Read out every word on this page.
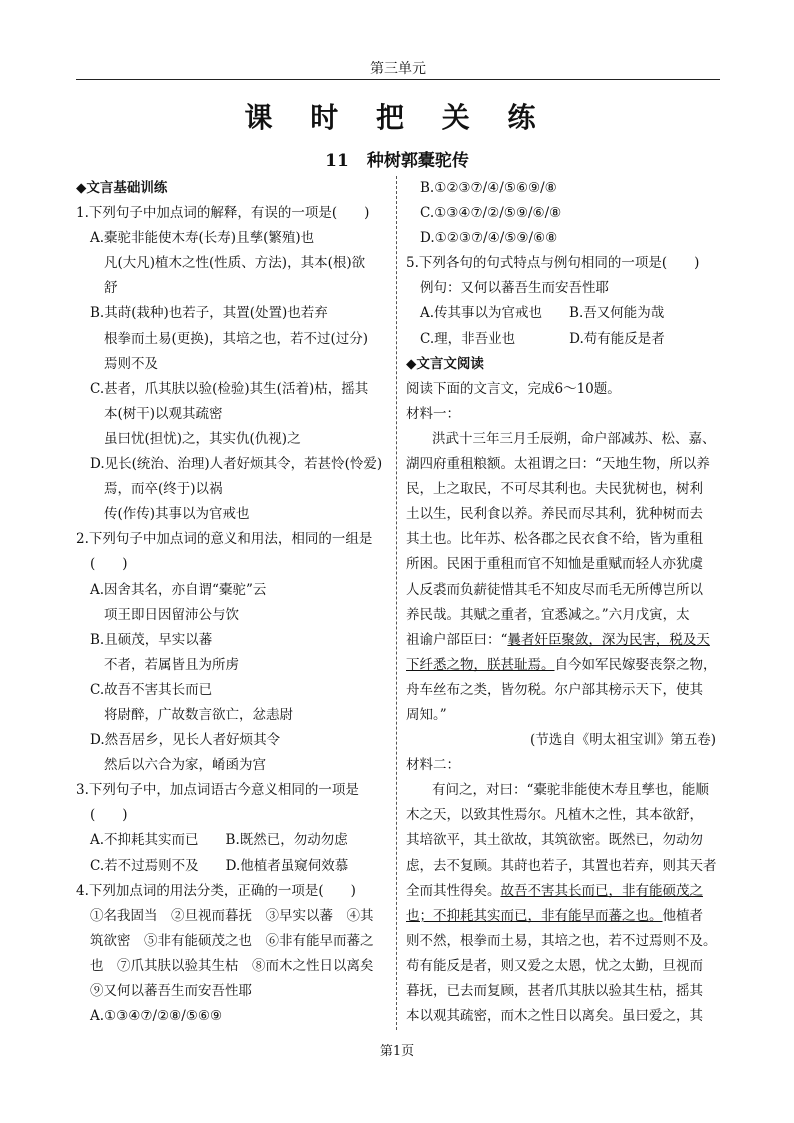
第三单元
课 时 把 关 练
11 种树郭橐驼传
◆文言基础训练
1.下列句子中加点词的解释，有误的一项是(　　)
A.橐驼非能使木寿(长寿)且孳(繁殖)也
凡(大凡)植木之性(性质、方法)，其本(根)欲
舒
B.其莳(栽种)也若子，其置(处置)也若弃
根拳而土易(更换)，其培之也，若不过(过分)
焉则不及
C.甚者，爪其肤以验(检验)其生(活着)枯，摇其
本(树干)以观其疏密
虽曰忧(担忧)之，其实仇(仇视)之
D.见长(统治、治理)人者好烦其令，若甚怜(怜爱)
焉，而卒(终于)以祸
传(作传)其事以为官戒也
2.下列句子中加点词的意义和用法，相同的一组是
(　　)
A.因舍其名，亦自谓“橐驼”云
项王即日因留沛公与饮
B.且硕茂，早实以蕃
不者，若属皆且为所虏
C.故吾不害其长而已
将尉醉，广故数言欲亡，忿恚尉
D.然吾居乡，见长人者好烦其令
然后以六合为家，崤函为宫
3.下列句子中，加点词语古今意义相同的一项是
(　　)
A.不抑耗其实而已　　B.既然已，勿动勿虑
C.若不过焉则不及　　D.他植者虽窥伺效慕
4.下列加点词的用法分类，正确的一项是(　　)
①名我固当　②旦视而暮抚　③早实以蕃　④其
筑欲密　⑤非有能硕茂之也　⑥非有能早而蕃之
也　⑦爪其肤以验其生枯　⑧而木之性日以离矣
⑨又何以蕃吾生而安吾性耶
A.①③④⑦/②⑧/⑤⑥⑨
B.①②③⑦/④/⑤⑥⑨/⑧
C.①③④⑦/②/⑤⑨/⑥/⑧
D.①②③⑦/④/⑤⑨/⑥⑧
5.下列各句的句式特点与例句相同的一项是(　　)
例句：又何以蕃吾生而安吾性耶
A.传其事以为官戒也　　B.吾又何能为哉
C.理，非吾业也　　　　D.苟有能反是者
◆文言文阅读
阅读下面的文言文，完成6～10题。
材料一：
洪武十三年三月壬辰朔，命户部减苏、松、嘉、
湖四府重租粮额。太祖谓之曰：“天地生物，所以养
民，上之取民，不可尽其利也。夫民犹树也，树利
土以生，民利食以养。养民而尽其利，犹种树而去
其土也。比年苏、松各郡之民衣食不给，皆为重租
所困。民困于重租而官不知恤是重赋而轻人亦犹虞
人反裘而负薪徒惜其毛不知皮尽而毛无所傅岂所以
养民哉。其赋之重者，宜悉减之。”六月戊寅，太
祖谕户部臣曰：“曩者奸臣聚敛，深为民害，税及天
下纤悉之物，朕甚耻焉。自今如军民嫁娶丧祭之物，
舟车丝布之类，皆勿税。尔户部其榜示天下，使其
周知。”
(节选自《明太祖宝训》第五卷)
材料二：
有问之，对曰：“橐驼非能使木寿且孳也，能顺
木之天，以致其性焉尔。凡植木之性，其本欲舒，
其培欲平，其土欲故，其筑欲密。既然已，勿动勿
虑，去不复顾。其莳也若子，其置也若弃，则其天者
全而其性得矣。故吾不害其长而已，非有能硕茂之
也；不抑耗其实而已，非有能早而蕃之也。他植者
则不然，根拳而土易，其培之也，若不过焉则不及。
苟有能反是者，则又爱之太恩，忧之太勤，旦视而
暮抚，已去而复顾，甚者爪其肤以验其生枯，摇其
本以观其疏密，而木之性日以离矣。虽曰爱之，其
第1页
